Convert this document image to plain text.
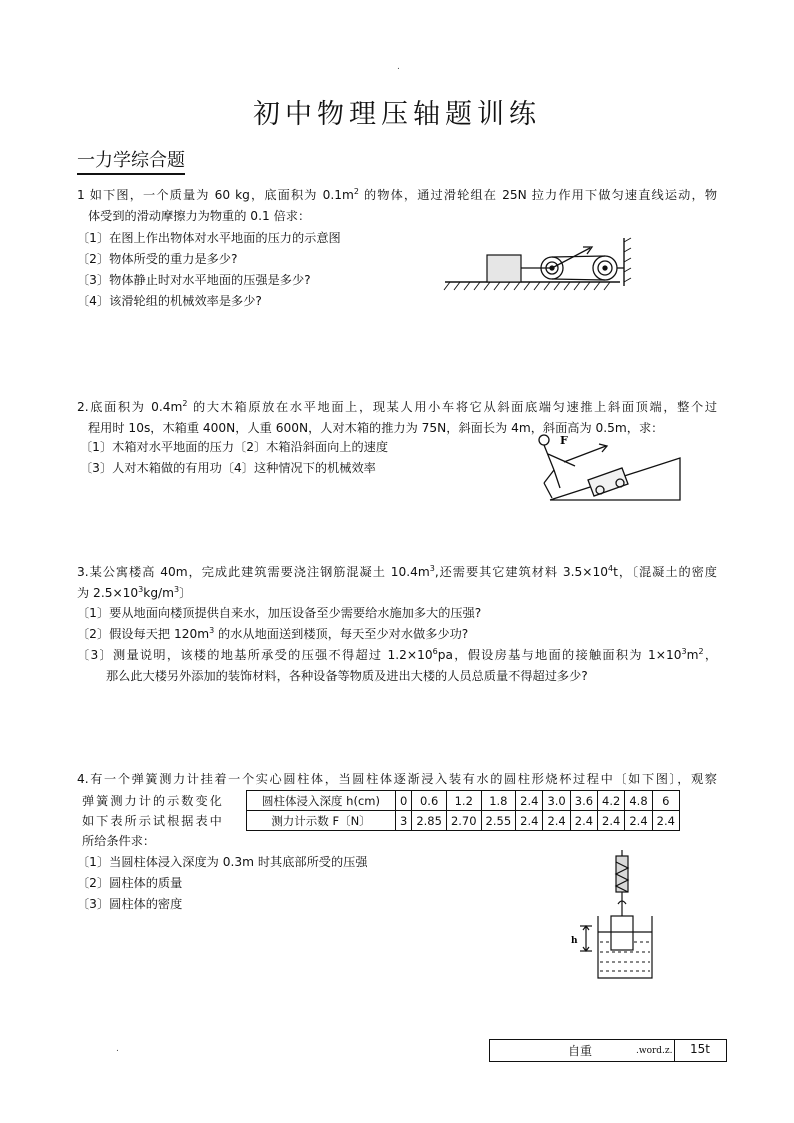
.
初中物理压轴题训练
一力学综合题
1 如下图，一个质量为 60 kg，底面积为 $0.1m^2$ 的物体，通过滑轮组在 25N 拉力作用下做匀速直线运动，物
体受到的滑动摩擦力为物重的 0.1 倍求：
〔1〕在图上作出物体对水平地面的压力的示意图
〔2〕物体所受的重力是多少?
〔3〕物体静止时对水平地面的压强是多少?
〔4〕该滑轮组的机械效率是多少?
2.底面积为 $0.4m^2$ 的大木箱原放在水平地面上，现某人用小车将它从斜面底端匀速推上斜面顶端，整个过
程用时 10s，木箱重 400N，人重 600N，人对木箱的推力为 75N，斜面长为 4m，斜面高为 0.5m，求：
〔1〕木箱对水平地面的压力〔2〕木箱沿斜面向上的速度
〔3〕人对木箱做的有用功〔4〕这种情况下的机械效率
F
3.某公寓楼高 40m，完成此建筑需要浇注钢筋混凝土 $10.4m^3$,还需要其它建筑材料 $3.5\times 10^4t$，〔混凝土的密度
为 $2.5\times 10^3kg/m^3$〕
〔1〕要从地面向楼顶提供自来水，加压设备至少需要给水施加多大的压强?
〔2〕假设每天把 $120m^3$ 的水从地面送到楼顶，每天至少对水做多少功?
〔3〕测量说明，该楼的地基所承受的压强不得超过 $1.2\times 10^6pa$，假设房基与地面的接触面积为 $1\times 10^3m^2$，
那么此大楼另外添加的装饰材料，各种设备等物质及进出大楼的人员总质量不得超过多少?
4.有一个弹簧测力计挂着一个实心圆柱体，当圆柱体逐渐浸入装有水的圆柱形烧杯过程中〔如下图〕，观察
弹簧测力计的示数变化
如下表所示试根据表中
所给条件求：
圆柱体浸入深度 h(cm)	0	0.6	1.2	1.8	2.4	3.0	3.6	4.2	4.8	6
测力计示数 F〔N〕	3	2.85	2.70	2.55	2.4	2.4	2.4	2.4	2.4	2.4
〔1〕当圆柱体浸入深度为 0.3m 时其底部所受的压强
〔2〕圆柱体的质量
〔3〕圆柱体的密度
h
.	自重	.word.z. 15t
